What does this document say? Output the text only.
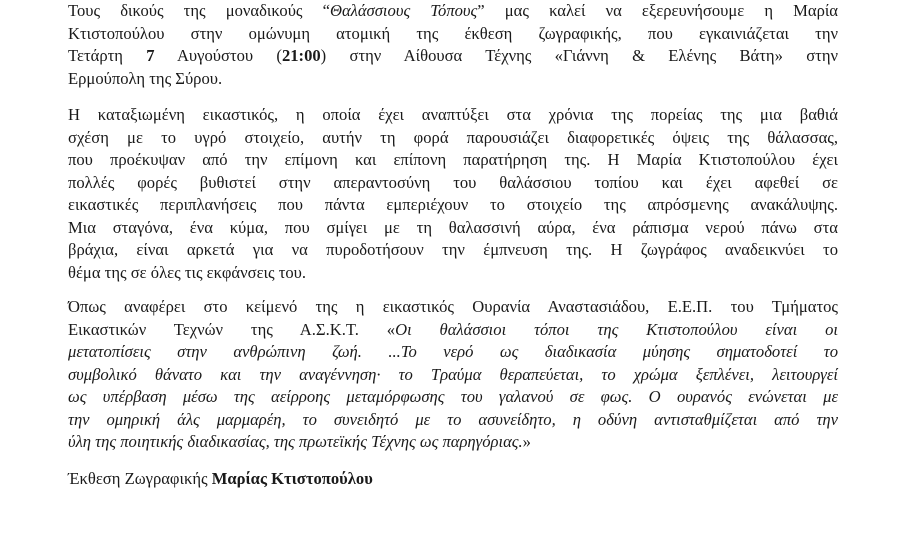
Τους δικούς της μοναδικούς “Θαλάσσιους Τόπους” μας καλεί να εξερευνήσουμε η Μαρία
Κτιστοπούλου στην ομώνυμη ατομική της έκθεση ζωγραφικής, που εγκαινιάζεται την
Τετάρτη 7 Αυγούστου (21:00) στην Αίθουσα Τέχνης «Γιάννη & Ελένης Βάτη» στην
Ερμούπολη της Σύρου.

Η καταξιωμένη εικαστικός, η οποία έχει αναπτύξει στα χρόνια της πορείας της μια βαθιά
σχέση με το υγρό στοιχείο, αυτήν τη φορά παρουσιάζει διαφορετικές όψεις της θάλασσας,
που προέκυψαν από την επίμονη και επίπονη παρατήρηση της. Η Μαρία Κτιστοπούλου έχει
πολλές φορές βυθιστεί στην απεραντοσύνη του θαλάσσιου τοπίου και έχει αφεθεί σε
εικαστικές περιπλανήσεις που πάντα εμπεριέχουν το στοιχείο της απρόσμενης ανακάλυψης.
Μια σταγόνα, ένα κύμα, που σμίγει με τη θαλασσινή αύρα, ένα ράπισμα νερού πάνω στα
βράχια, είναι αρκετά για να πυροδοτήσουν την έμπνευση της. Η ζωγράφος αναδεικνύει το
θέμα της σε όλες τις εκφάνσεις του.

Όπως αναφέρει στο κείμενό της η εικαστικός Ουρανία Αναστασιάδου, Ε.Ε.Π. του Τμήματος
Εικαστικών Τεχνών της Α.Σ.Κ.Τ. «Οι θαλάσσιοι τόποι της Κτιστοπούλου είναι οι
μετατοπίσεις στην ανθρώπινη ζωή. ...Το νερό ως διαδικασία μύησης σηματοδοτεί το
συμβολικό θάνατο και την αναγέννηση· το Τραύμα θεραπεύεται, το χρώμα ξεπλένει, λειτουργεί
ως υπέρβαση μέσω της αείρροης μεταμόρφωσης του γαλανού σε φως. Ο ουρανός ενώνεται με
την ομηρική άλς μαρμαρέη, το συνειδητό με το ασυνείδητο, η οδύνη αντισταθμίζεται από την
ύλη της ποιητικής διαδικασίας, της πρωτεϊκής Τέχνης ως παρηγόριας.»

Έκθεση Ζωγραφικής Μαρίας Κτιστοπούλου
